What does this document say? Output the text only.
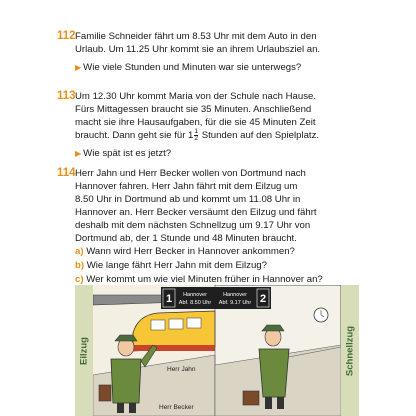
112 Familie Schneider fährt um 8.53 Uhr mit dem Auto in den
Urlaub. Um 11.25 Uhr kommt sie an ihrem Urlaubsziel an.
▶ Wie viele Stunden und Minuten war sie unterwegs?
113 Um 12.30 Uhr kommt Maria von der Schule nach Hause.
Fürs Mittagessen braucht sie 35 Minuten. Anschließend
macht sie ihre Hausaufgaben, für die sie 45 Minuten Zeit
braucht. Dann geht sie für $1 \frac{1}{2}$ Stunden auf den Spielplatz.
▶ Wie spät ist es jetzt?
114 Herr Jahn und Herr Becker wollen von Dortmund nach
Hannover fahren. Herr Jahn fährt mit dem Eilzug um
8.50 Uhr in Dortmund ab und kommt um 11.08 Uhr in
Hannover an. Herr Becker versäumt den Eilzug und fährt
deshalb mit dem nächsten Schnellzug um 9.17 Uhr von
Dortmund ab, der 1 Stunde und 48 Minuten braucht.
a) Wann wird Herr Becker in Hannover ankommen?
b) Wie lange fährt Herr Jahn mit dem Eilzug?
c) Wer kommt um wie viel Minuten früher in Hannover an?
Eilzug	Schnellzug
Herr Jahn
Herr Becker
1 Hannover
Abf. 8.50 Uhr	2
Hannover
Abf. 9.17 Uhr
